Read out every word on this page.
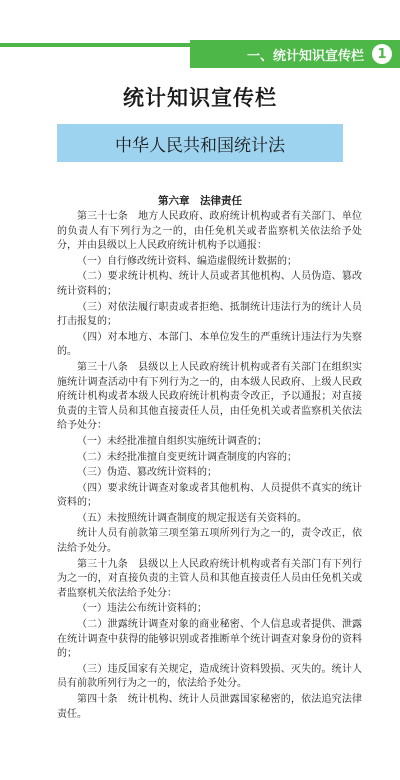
一、统计知识宣传栏	1
统计知识宣传栏
中华人民共和国统计法
第六章　法律责任

第三十七条　地方人民政府、政府统计机构或者有关部门、单位的负责人有下列行为之一的，由任免机关或者监察机关依法给予处分，并由县级以上人民政府统计机构予以通报：

（一）自行修改统计资料、编造虚假统计数据的；

（二）要求统计机构、统计人员或者其他机构、人员伪造、篡改统计资料的；

（三）对依法履行职责或者拒绝、抵制统计违法行为的统计人员打击报复的；

（四）对本地方、本部门、本单位发生的严重统计违法行为失察的。

第三十八条　县级以上人民政府统计机构或者有关部门在组织实施统计调查活动中有下列行为之一的，由本级人民政府、上级人民政府统计机构或者本级人民政府统计机构责令改正，予以通报；对直接负责的主管人员和其他直接责任人员，由任免机关或者监察机关依法给予处分：

（一）未经批准擅自组织实施统计调查的；

（二）未经批准擅自变更统计调查制度的内容的；

（三）伪造、篡改统计资料的；

（四）要求统计调查对象或者其他机构、人员提供不真实的统计资料的；

（五）未按照统计调查制度的规定报送有关资料的。

统计人员有前款第三项至第五项所列行为之一的，责令改正，依法给予处分。

第三十九条　县级以上人民政府统计机构或者有关部门有下列行为之一的，对直接负责的主管人员和其他直接责任人员由任免机关或者监察机关依法给予处分：

（一）违法公布统计资料的；

（二）泄露统计调查对象的商业秘密、个人信息或者提供、泄露在统计调查中获得的能够识别或者推断单个统计调查对象身份的资料的；

（三）违反国家有关规定，造成统计资料毁损、灭失的。统计人员有前款所列行为之一的，依法给予处分。

第四十条　统计机构、统计人员泄露国家秘密的，依法追究法律责任。
